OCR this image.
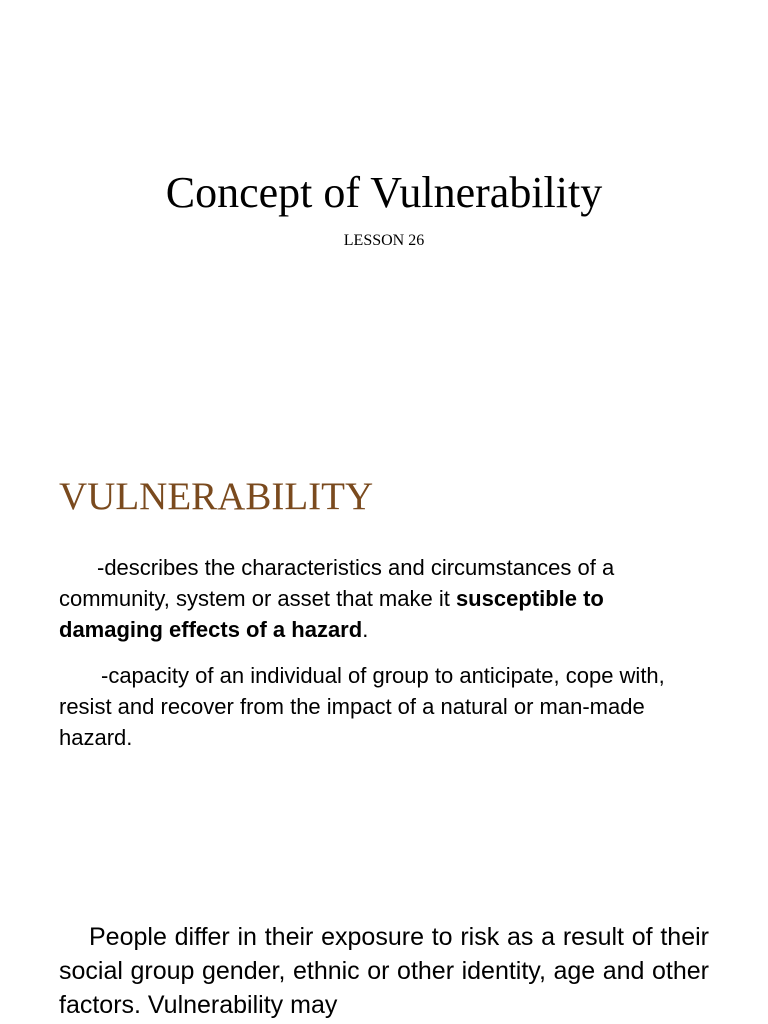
Concept of Vulnerability

LESSON 26

VULNERABILITY

-describes the characteristics and circumstances of a community, system or asset that make it susceptible to damaging effects of a hazard.

-capacity of an individual of group to anticipate, cope with, resist and recover from the impact of a natural or man-made hazard.

People differ in their exposure to risk as a result of their social group gender, ethnic or other identity, age and other factors. Vulnerability may
